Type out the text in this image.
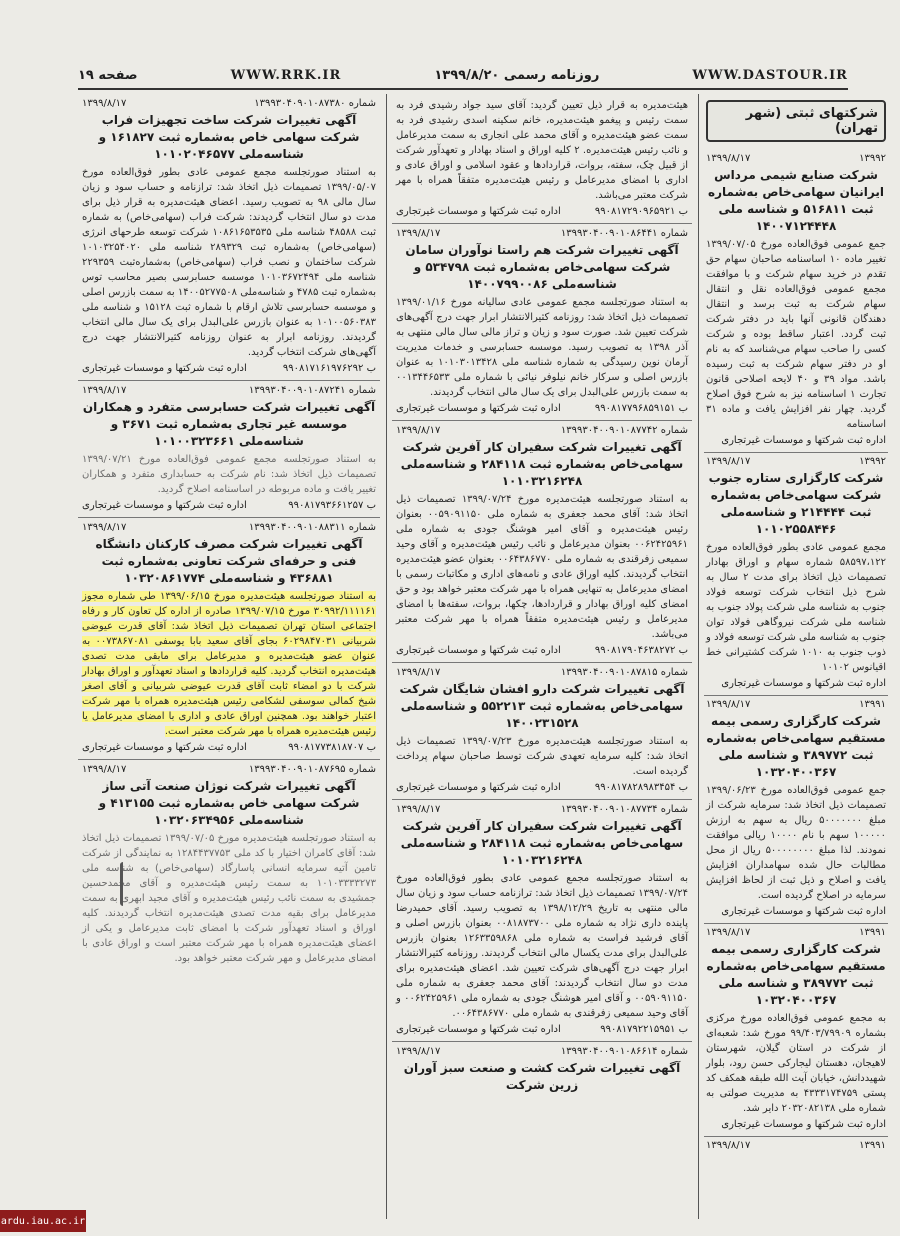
صفحه ۱۹	WWW.RRK.IR	روزنامه رسمی ۱۳۹۹/۸/۲۰	WWW.DASTOUR.IR
شماره ۱۳۹۹۳۰۴۰۹۰۱۰۸۷۳۸۰
۱۳۹۹/۸/۱۷
آگهی تغییرات شرکت ساخت تجهیزات فراب شرکت سهامی خاص به‌شماره ثبت ۱۶۱۸۲۷ و شناسه‌ملی ۱۰۱۰۲۰۴۶۵۷۷
به استناد صورتجلسه مجمع عمومی عادی بطور فوق‌العاده مورخ ۱۳۹۹/۰۵/۰۷ تصمیمات ذیل اتخاذ شد: ترازنامه و حساب سود و زیان سال مالی ۹۸ به تصویب رسید. اعضای هیئت‌مدیره به قرار ذیل برای مدت دو سال انتخاب گردیدند: شرکت فراب (سهامی‌خاص) به شماره ثبت ۴۸۵۸۸ شناسه ملی ۱۰۸۶۱۶۵۳۵۳۵ شرکت توسعه طرحهای انرژی (سهامی‌خاص) به‌شماره ثبت ۲۸۹۳۲۹ شناسه ملی ۱۰۱۰۳۲۵۴۰۲۰ شرکت ساختمان و نصب فراب (سهامی‌خاص) به‌شماره‌ثبت ۲۲۹۳۵۹ شناسه ملی ۱۰۱۰۳۶۷۲۴۹۴ موسسه حسابرسی بصیر محاسب توس به‌شماره ثبت ۴۷۸۵ و شناسه‌ملی ۱۴۰۰۵۲۷۷۵۰۸ به سمت بازرس اصلی و موسسه حسابرسی تلاش ارقام با شماره ثبت ۱۵۱۲۸ و شناسه ملی ۱۰۱۰۰۵۶۰۳۸۳ به عنوان بازرس علی‌البدل برای یک سال مالی انتخاب گردیدند. روزنامه ابرار به عنوان روزنامه کثیرالانتشار جهت درج آگهی‌های شرکت انتخاب گردید.
ب ۹۹۰۸۱۷۱۶۱۹۷۶۲۹۲
اداره ثبت شرکتها و موسسات غیرتجاری
شماره ۱۳۹۹۳۰۴۰۰۹۰۱۰۸۷۲۴۱
۱۳۹۹/۸/۱۷
آگهی تغییرات شرکت حسابرسی متفرد و همکاران موسسه غیر تجاری به‌شماره ثبت ۳۶۷۱ و شناسه‌ملی ۱۰۱۰۰۳۲۳۶۶۱
به استناد صورتجلسه مجمع عمومی فوق‌العاده مورخ ۱۳۹۹/۰۷/۲۱ تصمیمات ذیل اتخاذ شد: نام شرکت به حسابداری متفرد و همکاران تغییر یافت و ماده مربوطه در اساسنامه اصلاح گردید.
ب ۹۹۰۸۱۷۹۳۶۶۱۲۵۷
اداره ثبت شرکتها و موسسات غیرتجاری
شماره ۱۳۹۹۳۰۴۰۰۹۰۱۰۸۸۳۱۱
۱۳۹۹/۸/۱۷
آگهی تغییرات شرکت مصرف کارکنان دانشگاه فنی و حرفه‌ای شرکت تعاونی به‌شماره ثبت ۴۳۶۸۸۱ و شناسه‌ملی ۱۰۳۲۰۸۶۱۷۷۴
به استناد صورتجلسه هیئت‌مدیره مورخ ۱۳۹۹/۰۶/۱۵ طی شماره مجوز ۳۰۹۹۲/۱۱۱۱۶۱ مورخ ۱۳۹۹/۰۷/۱۵ صادره از اداره کل تعاون کار و رفاه اجتماعی استان تهران تصمیمات ذیل اتخاذ شد: آقای قدرت عیوضی شربیانی ۶۰۲۹۸۴۷۰۳۱ بجای آقای سعید بابا یوسفی ۰۰۷۳۸۶۷۰۸۱ به عنوان عضو هیئت‌مدیره و مدیرعامل برای مابقی مدت تصدی هیئت‌مدیره انتخاب گردید. کلیه قراردادها و اسناد تعهدآور و اوراق بهادار شرکت با دو امضاء ثابت آقای قدرت عیوضی شربیانی و آقای اصغر شیخ کمالی سوسفی لشکامی رئیس هیئت‌مدیره همراه با مهر شرکت اعتبار خواهند بود. همچنین اوراق عادی و اداری با امضای مدیرعامل یا رئیس هیئت‌مدیره همراه با مهر شرکت معتبر است.
ب ۹۹۰۸۱۷۷۳۸۱۸۷۰۷
اداره ثبت شرکتها و موسسات غیرتجاری
شماره ۱۳۹۹۳۰۴۰۰۹۰۱۰۸۷۶۹۵
۱۳۹۹/۸/۱۷
آگهی تغییرات شرکت نوژان صنعت آتی ساز شرکت سهامی خاص به‌شماره ثبت ۴۱۳۱۵۵ و شناسه‌ملی ۱۰۳۲۰۶۳۴۹۵۶
به استناد صورتجلسه هیئت‌مدیره مورخ ۱۳۹۹/۰۷/۰۵ تصمیمات ذیل اتخاذ شد: آقای کامران اختیار با کد ملی ۱۲۸۴۴۳۷۷۵۳ به نمایندگی از شرکت تامین آتیه سرمایه انسانی پاسارگاد (سهامی‌خاص) به شناسه ملی ۱۰۱۰۳۳۳۳۲۷۳ به سمت رئیس هیئت‌مدیره و آقای محمدحسین جمشیدی به سمت نائب رئیس هیئت‌مدیره و آقای مجید ابهری به سمت مدیرعامل برای بقیه مدت تصدی هیئت‌مدیره انتخاب گردیدند. کلیه اوراق و اسناد تعهدآور شرکت با امضای ثابت مدیرعامل و یکی از اعضای هیئت‌مدیره همراه با مهر شرکت معتبر است و اوراق عادی با امضای مدیرعامل و مهر شرکت معتبر خواهد بود.
هیئت‌مدیره به قرار ذیل تعیین گردید: آقای سید جواد رشیدی فرد به سمت رئیس و پیغمو هیئت‌مدیره، خانم سکینه اسدی رشیدی فرد به سمت عضو هیئت‌مدیره و آقای محمد علی انجاری به سمت مدیرعامل و نائب رئیس هیئت‌مدیره. ۲ کلیه اوراق و اسناد بهادار و تعهدآور شرکت از قبیل چک، سفته، بروات، قراردادها و عقود اسلامی و اوراق عادی و اداری با امضای مدیرعامل و رئیس هیئت‌مدیره متفقاً همراه با مهر شرکت معتبر می‌باشد.
ب ۹۹۰۸۱۷۲۹۰۹۶۵۹۲۱
اداره ثبت شرکتها و موسسات غیرتجاری
شماره ۱۳۹۹۳۰۴۰۰۹۰۱۰۸۶۴۴۱
۱۳۹۹/۸/۱۷
آگهی تغییرات شرکت هم راستا نوآوران سامان شرکت سهامی‌خاص به‌شماره ثبت ۵۳۴۷۹۸ و شناسه‌ملی ۱۴۰۰۷۹۹۰۰۸۶
به استناد صورتجلسه مجمع عمومی عادی سالیانه مورخ ۱۳۹۹/۰۱/۱۶ تصمیمات ذیل اتخاذ شد: روزنامه کثیرالانتشار ابرار جهت درج آگهی‌های شرکت تعیین شد. صورت سود و زیان و تراز مالی سال مالی منتهی به آذر ۱۳۹۸ به تصویب رسید. موسسه حسابرسی و خدمات مدیریت آرمان نوین رسیدگی به شماره شناسه ملی ۱۰۱۰۳۰۱۳۴۲۸ به عنوان بازرس اصلی و سرکار خانم نیلوفر نیائی با شماره ملی ۰۰۱۳۴۴۶۵۳۳ به سمت بازرس علی‌البدل برای یک سال مالی انتخاب گردیدند.
ب ۹۹۰۸۱۷۷۹۶۸۵۹۱۵۱
اداره ثبت شرکتها و موسسات غیرتجاری
شماره ۱۳۹۹۳۰۴۰۰۹۰۱۰۸۷۷۴۲
۱۳۹۹/۸/۱۷
آگهی تغییرات شرکت سفیران کار آفرین شرکت سهامی‌خاص به‌شماره ثبت ۲۸۴۱۱۸ و شناسه‌ملی ۱۰۱۰۳۲۱۶۲۴۸
به استناد صورتجلسه هیئت‌مدیره مورخ ۱۳۹۹/۰۷/۲۴ تصمیمات ذیل اتخاذ شد: آقای محمد جعفری به شماره ملی ۰۰۵۹۰۹۱۱۵۰ بعنوان رئیس هیئت‌مدیره و آقای امیر هوشنگ جودی به شماره ملی ۰۰۶۲۴۲۵۹۶۱ بعنوان مدیرعامل و نائب رئیس هیئت‌مدیره و آقای وحید سمیعی زفرقندی به شماره ملی ۰۰۶۴۳۸۶۷۷۰ بعنوان عضو هیئت‌مدیره انتخاب گردیدند. کلیه اوراق عادی و نامه‌های اداری و مکاتبات رسمی با امضای مدیرعامل به تنهایی همراه با مهر شرکت معتبر خواهد بود و حق امضای کلیه اوراق بهادار و قراردادها، چکها، بروات، سفته‌ها با امضای مدیرعامل و رئیس هیئت‌مدیره متفقاً همراه با مهر شرکت معتبر می‌باشد.
ب ۹۹۰۸۱۷۹۰۴۶۳۸۲۷۲
اداره ثبت شرکتها و موسسات غیرتجاری
شماره ۱۳۹۹۳۰۴۰۰۹۰۱۰۸۷۸۱۵
۱۳۹۹/۸/۱۷
آگهی تغییرات شرکت دارو افشان شایگان شرکت سهامی‌خاص به‌شماره ثبت ۵۵۲۲۱۳ و شناسه‌ملی ۱۴۰۰۲۳۱۵۲۸
به استناد صورتجلسه هیئت‌مدیره مورخ ۱۳۹۹/۰۷/۲۳ تصمیمات ذیل اتخاذ شد: کلیه سرمایه تعهدی شرکت توسط صاحبان سهام پرداخت گردیده است.
ب ۹۹۰۸۱۷۸۲۸۹۸۳۴۵۴
اداره ثبت شرکتها و موسسات غیرتجاری
شماره ۱۳۹۹۳۰۴۰۰۹۰۱۰۸۷۷۳۴
۱۳۹۹/۸/۱۷
آگهی تغییرات شرکت سفیران کار آفرین شرکت سهامی‌خاص به‌شماره ثبت ۲۸۴۱۱۸ و شناسه‌ملی ۱۰۱۰۳۲۱۶۲۴۸
به استناد صورتجلسه مجمع عمومی عادی بطور فوق‌العاده مورخ ۱۳۹۹/۰۷/۲۴ تصمیمات ذیل اتخاذ شد: ترازنامه حساب سود و زیان سال مالی منتهی به تاریخ ۱۳۹۸/۱۲/۲۹ به تصویب رسید. آقای حمیدرضا پاینده داری نژاد به شماره ملی ۰۰۸۱۸۷۳۷۰۰ بعنوان بازرس اصلی و آقای فرشید فراست به شماره ملی ۱۲۶۳۳۵۹۸۶۸ بعنوان بازرس علی‌البدل برای مدت یکسال مالی انتخاب گردیدند. روزنامه کثیرالانتشار ابرار جهت درج آگهی‌های شرکت تعیین شد. اعضای هیئت‌مدیره برای مدت دو سال انتخاب گردیدند: آقای محمد جعفری به شماره ملی ۰۰۵۹۰۹۱۱۵۰ و آقای امیر هوشنگ جودی به شماره ملی ۰۰۶۲۴۲۵۹۶۱ و آقای وحید سمیعی زفرقندی به شماره ملی ۰۰۶۴۳۸۶۷۷۰.
ب ۹۹۰۸۱۷۹۲۲۱۵۹۵۱
اداره ثبت شرکتها و موسسات غیرتجاری
شماره ۱۳۹۹۳۰۴۰۰۹۰۱۰۸۶۶۱۴
۱۳۹۹/۸/۱۷
آگهی تغییرات شرکت کشت و صنعت سبز آوران زرین شرکت
شرکتهای ثبتی (شهر تهران)
۱۳۹۹۲
۱۳۹۹/۸/۱۷
شرکت صنایع شیمی مرداس ایرانیان سهامی‌خاص به‌شماره ثبت ۵۱۶۸۱۱ و شناسه ملی ۱۴۰۰۷۱۲۴۴۴۸
جمع عمومی فوق‌العاده مورخ ۱۳۹۹/۰۷/۰۵ تغییر ماده ۱۰ اساسنامه صاحبان سهام حق تقدم در خرید سهام شرکت و با موافقت مجمع عمومی فوق‌العاده نقل و انتقال سهام شرکت به ثبت برسد و انتقال دهندگان قانونی آنها باید در دفتر شرکت ثبت گردد. اعتبار ساقط بوده و شرکت کسی را صاحب سهام می‌شناسد که به نام او در دفتر سهام شرکت به ثبت رسیده باشد. مواد ۳۹ و ۴۰ لایحه اصلاحی قانون تجارت ۱ اساسنامه نیز به شرح فوق اصلاح گردید. چهار نفر افزایش یافت و ماده ۳۱ اساسنامه
اداره ثبت شرکتها و موسسات غیرتجاری
۱۳۹۹۲
۱۳۹۹/۸/۱۷
شرکت کارگزاری ستاره جنوب شرکت سهامی‌خاص به‌شماره ثبت ۲۱۴۴۴۴ و شناسه‌ملی ۱۰۱۰۲۵۵۸۴۴۶
مجمع عمومی عادی بطور فوق‌العاده مورخ ۵۸۵۹۷،۱۲۲ شماره سهام و اوراق بهادار تصمیمات ذیل اتخاذ برای مدت ۲ سال به شرح ذیل انتخاب شرکت توسعه فولاد جنوب به شناسه ملی شرکت پولاد جنوب به شناسه ملی شرکت نیروگاهی فولاد توان جنوب به شناسه ملی شرکت توسعه فولاد و ذوب جنوب به ۱۰۱۰ شرکت کشتیرانی خط اقیانوس ۱۰۱۰۲
اداره ثبت شرکتها و موسسات غیرتجاری
۱۳۹۹۱
۱۳۹۹/۸/۱۷
شرکت کارگزاری رسمی بیمه مستقیم سهامی‌خاص به‌شماره ثبت ۳۸۹۷۷۲ و شناسه ملی ۱۰۳۲۰۴۰۰۳۶۷
جمع عمومی فوق‌العاده مورخ ۱۳۹۹/۰۶/۲۳ تصمیمات ذیل اتخاذ شد: سرمایه شرکت از مبلغ ۵۰۰۰۰۰۰۰ ریال به سهم به ارزش ۱۰۰۰۰۰ سهم با نام ۱۰۰۰۰ ریالی موافقت نمودند. لذا مبلغ ۵۰۰۰۰۰۰۰۰ ریال از محل مطالبات حال شده سهامداران افزایش یافت و اصلاح و ذیل ثبت از لحاظ افزایش سرمایه در اصلاح گردیده است.
اداره ثبت شرکتها و موسسات غیرتجاری
۱۳۹۹۱
۱۳۹۹/۸/۱۷
شرکت کارگزاری رسمی بیمه مستقیم سهامی‌خاص به‌شماره ثبت ۳۸۹۷۷۲ و شناسه ملی ۱۰۳۲۰۴۰۰۳۶۷
به مجمع عمومی فوق‌العاده مورخ مرکزی بشماره ۹۹/۴۰۳/۷۹۹۰۹ مورخ شد: شعبه‌ای از شرکت در استان گیلان، شهرستان لاهیجان، دهستان لیجارکی حسن رود، بلوار شهیددانش، خیابان آیت الله طبقه همکف کد پستی ۴۳۳۳۱۷۴۷۵۹ به مدیریت صولتی به شماره ملی ۲۰۳۲۰۸۲۱۳۸ دایر شد.
اداره ثبت شرکتها و موسسات غیرتجاری
۱۳۹۹۱
۱۳۹۹/۸/۱۷
ardu.iau.ac.ir
